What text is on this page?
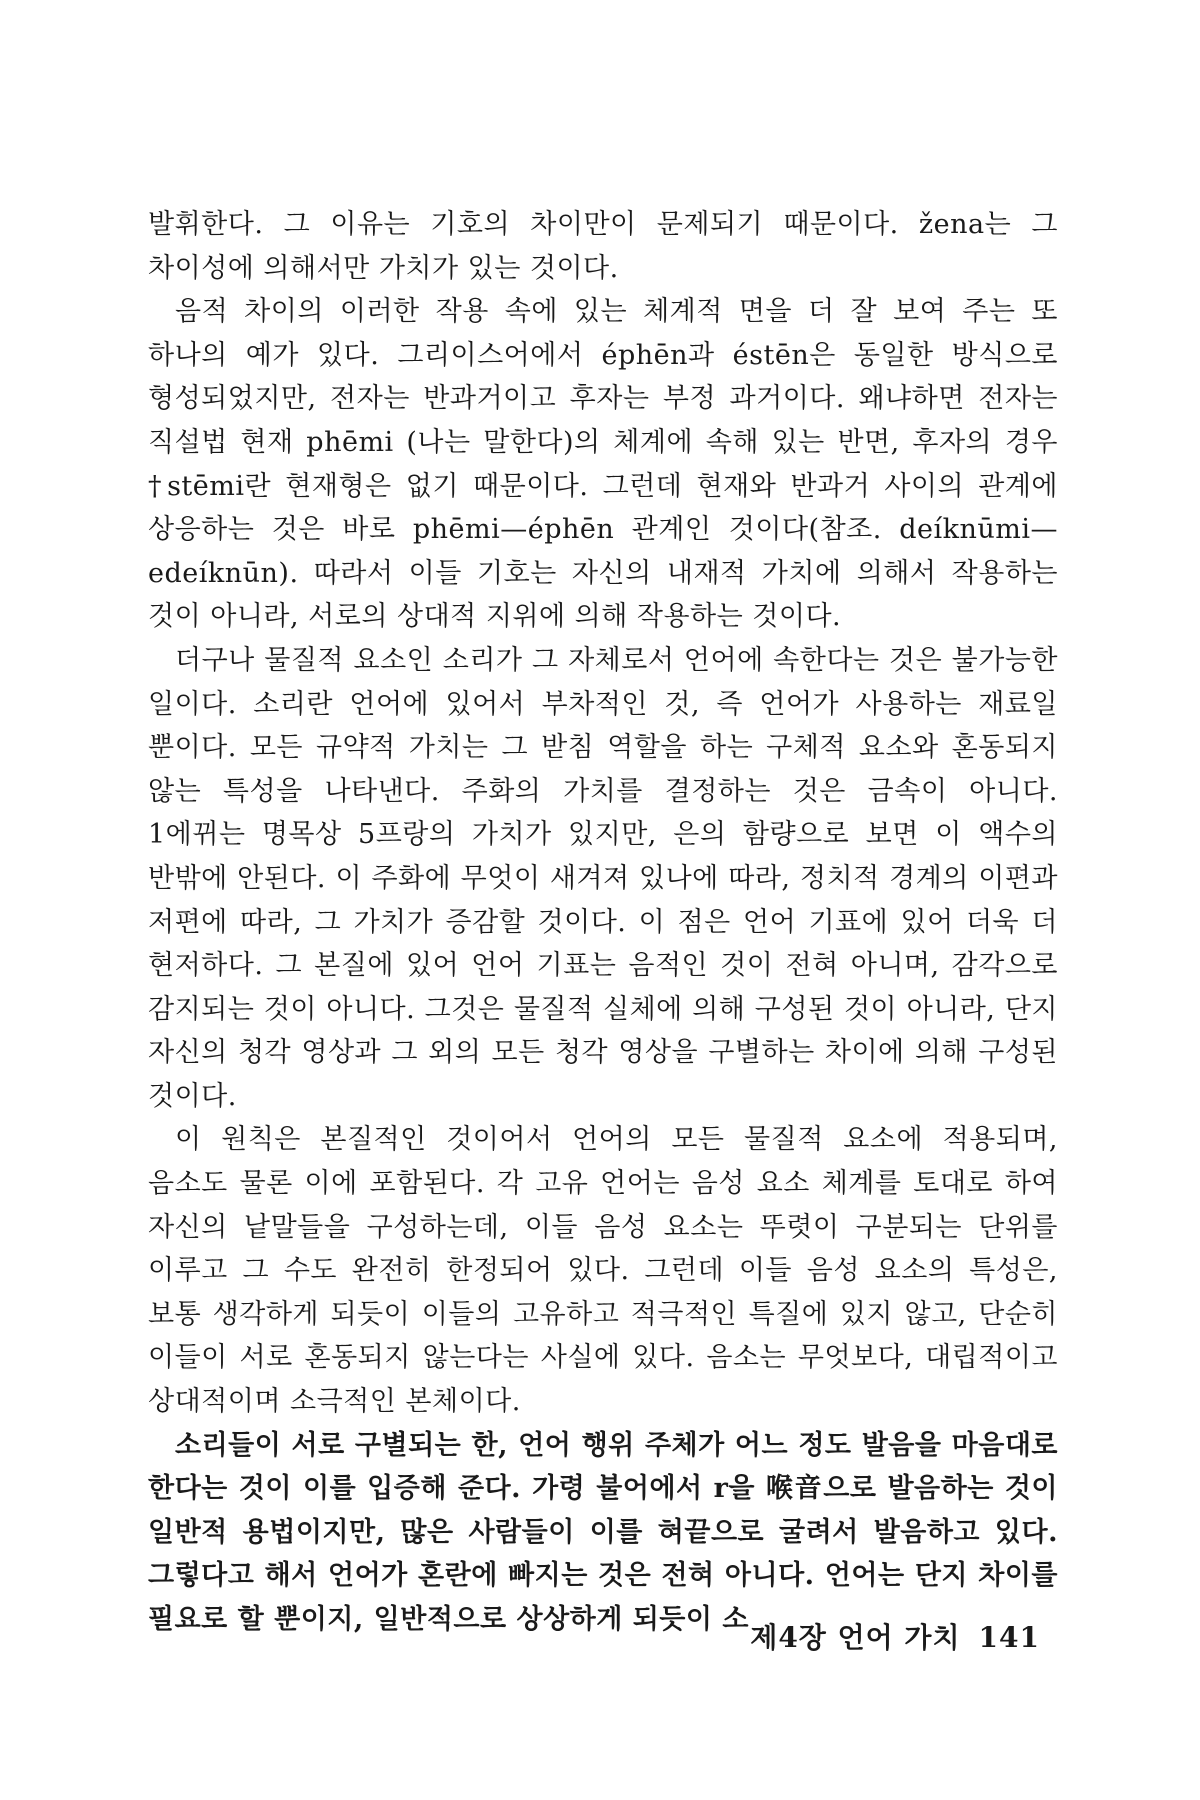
발휘한다. 그 이유는 기호의 차이만이 문제되기 때문이다. ženа는 그 차이성에 의해서만 가치가 있는 것이다.

음적 차이의 이러한 작용 속에 있는 체계적 면을 더 잘 보여 주는 또 하나의 예가 있다. 그리이스어에서 éphēn과 éstēn은 동일한 방식으로 형성되었지만, 전자는 반과거이고 후자는 부정 과거이다. 왜냐하면 전자는 직설법 현재 phēmi (나는 말한다)의 체계에 속해 있는 반면, 후자의 경우 †stēmi란 현재형은 없기 때문이다. 그런데 현재와 반과거 사이의 관계에 상응하는 것은 바로 phēmi—éphēn 관계인 것이다(참조. deíknūmi—edeíknūn). 따라서 이들 기호는 자신의 내재적 가치에 의해서 작용하는 것이 아니라, 서로의 상대적 지위에 의해 작용하는 것이다.

더구나 물질적 요소인 소리가 그 자체로서 언어에 속한다는 것은 불가능한 일이다. 소리란 언어에 있어서 부차적인 것, 즉 언어가 사용하는 재료일 뿐이다. 모든 규약적 가치는 그 받침 역할을 하는 구체적 요소와 혼동되지 않는 특성을 나타낸다. 주화의 가치를 결정하는 것은 금속이 아니다. 1에뀌는 명목상 5프랑의 가치가 있지만, 은의 함량으로 보면 이 액수의 반밖에 안된다. 이 주화에 무엇이 새겨져 있나에 따라, 정치적 경계의 이편과 저편에 따라, 그 가치가 증감할 것이다. 이 점은 언어 기표에 있어 더욱 더 현저하다. 그 본질에 있어 언어 기표는 음적인 것이 전혀 아니며, 감각으로 감지되는 것이 아니다. 그것은 물질적 실체에 의해 구성된 것이 아니라, 단지 자신의 청각 영상과 그 외의 모든 청각 영상을 구별하는 차이에 의해 구성된 것이다.

이 원칙은 본질적인 것이어서 언어의 모든 물질적 요소에 적용되며, 음소도 물론 이에 포함된다. 각 고유 언어는 음성 요소 체계를 토대로 하여 자신의 낱말들을 구성하는데, 이들 음성 요소는 뚜렷이 구분되는 단위를 이루고 그 수도 완전히 한정되어 있다. 그런데 이들 음성 요소의 특성은, 보통 생각하게 되듯이 이들의 고유하고 적극적인 특질에 있지 않고, 단순히 이들이 서로 혼동되지 않는다는 사실에 있다. 음소는 무엇보다, 대립적이고 상대적이며 소극적인 본체이다.

소리들이 서로 구별되는 한, 언어 행위 주체가 어느 정도 발음을 마음대로 한다는 것이 이를 입증해 준다. 가령 불어에서 r을 喉音으로 발음하는 것이 일반적 용법이지만, 많은 사람들이 이를 혀끝으로 굴려서 발음하고 있다. 그렇다고 해서 언어가 혼란에 빠지는 것은 전혀 아니다. 언어는 단지 차이를 필요로 할 뿐이지, 일반적으로 상상하게 되듯이 소

제4장 언어 가치 141
